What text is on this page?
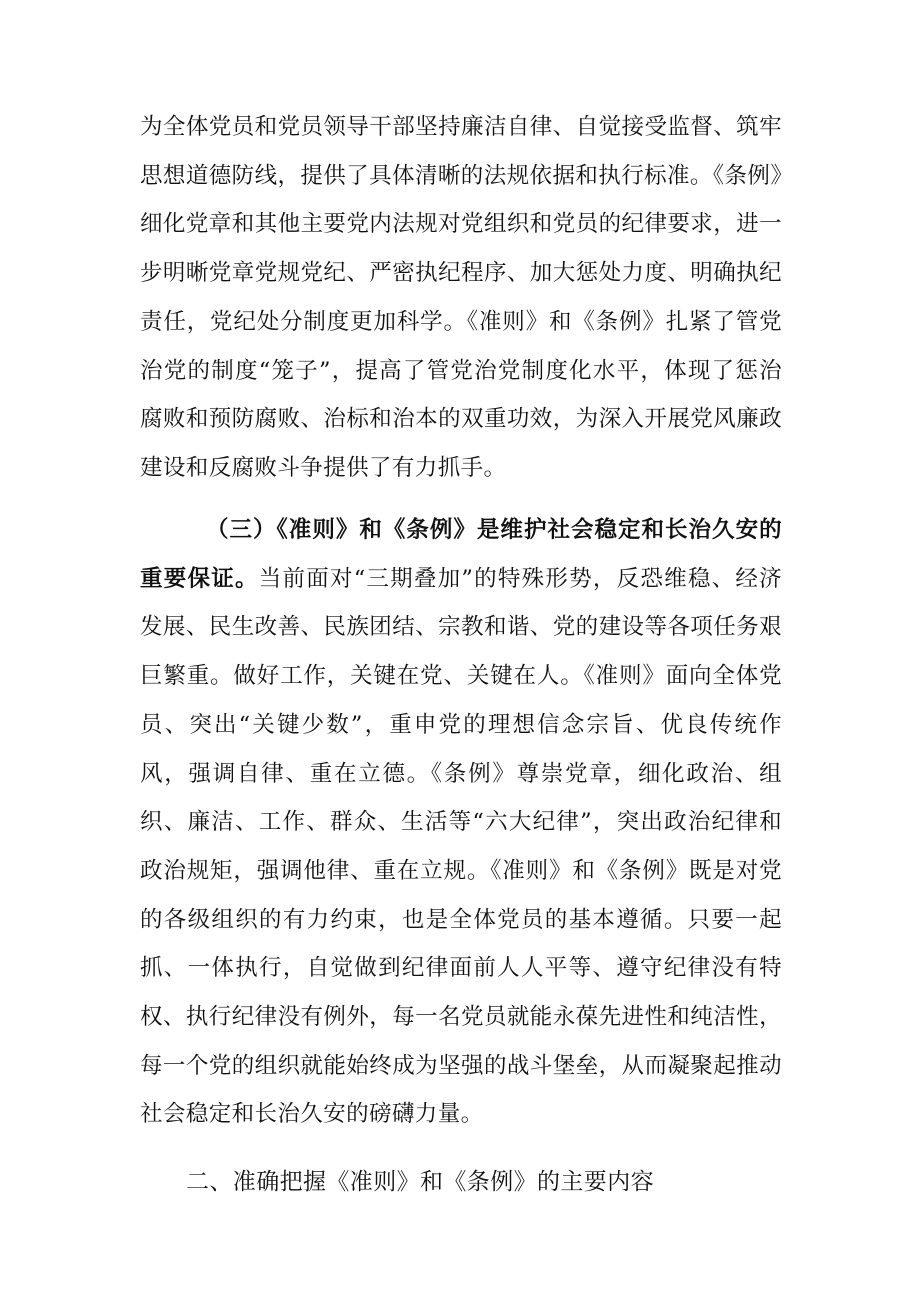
为全体党员和党员领导干部坚持廉洁自律、自觉接受监督、筑牢思想道德防线，提供了具体清晰的法规依据和执行标准。《条例》细化党章和其他主要党内法规对党组织和党员的纪律要求，进一步明晰党章党规党纪、严密执纪程序、加大惩处力度、明确执纪责任，党纪处分制度更加科学。《准则》和《条例》扎紧了管党治党的制度“笼子”，提高了管党治党制度化水平，体现了惩治腐败和预防腐败、治标和治本的双重功效，为深入开展党风廉政建设和反腐败斗争提供了有力抓手。

（三）《准则》和《条例》是维护社会稳定和长治久安的重要保证。当前面对“三期叠加”的特殊形势，反恐维稳、经济发展、民生改善、民族团结、宗教和谐、党的建设等各项任务艰巨繁重。做好工作，关键在党、关键在人。《准则》面向全体党员、突出“关键少数”，重申党的理想信念宗旨、优良传统作风，强调自律、重在立德。《条例》尊崇党章，细化政治、组织、廉洁、工作、群众、生活等“六大纪律”，突出政治纪律和政治规矩，强调他律、重在立规。《准则》和《条例》既是对党的各级组织的有力约束，也是全体党员的基本遵循。只要一起抓、一体执行，自觉做到纪律面前人人平等、遵守纪律没有特权、执行纪律没有例外，每一名党员就能永葆先进性和纯洁性，每一个党的组织就能始终成为坚强的战斗堡垒，从而凝聚起推动社会稳定和长治久安的磅礴力量。

二、准确把握《准则》和《条例》的主要内容
